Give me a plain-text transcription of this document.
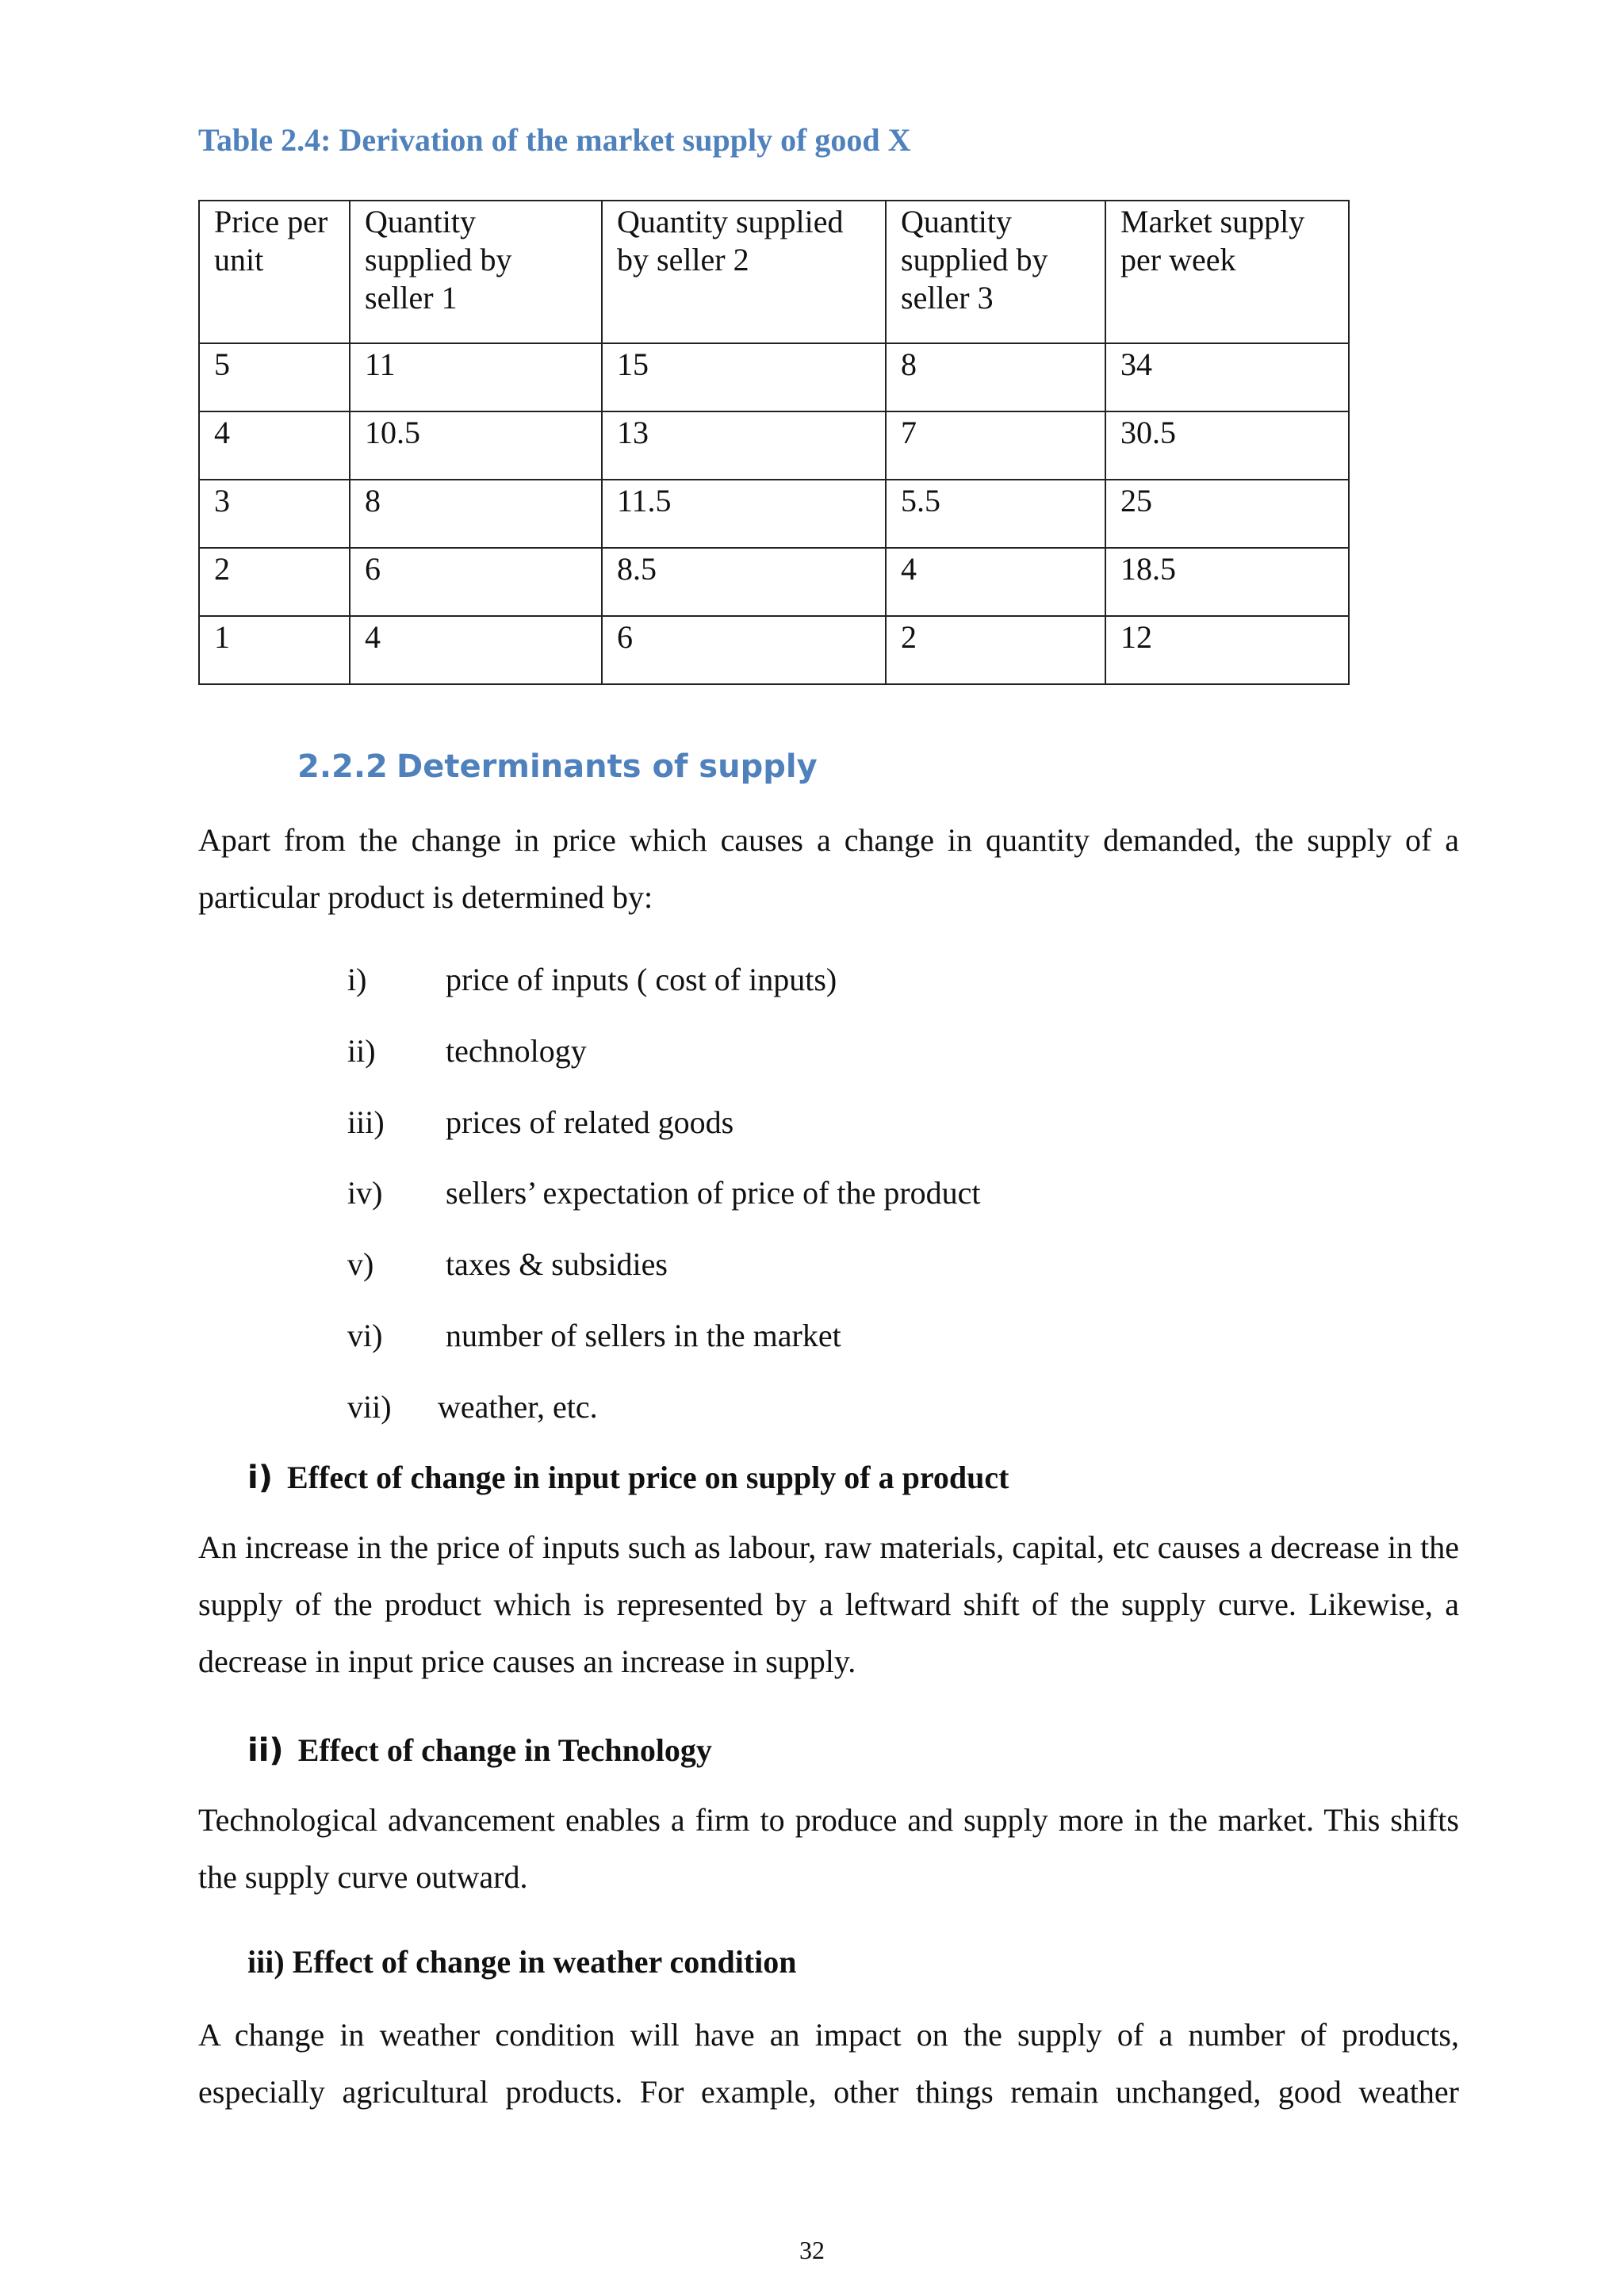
Table 2.4: Derivation of the market supply of good X
Price per unit	Quantity supplied by seller 1	Quantity supplied by seller 2	Quantity supplied by seller 3	Market supply per week
5	11	15	8	34
4	10.5	13	7	30.5
3	8	11.5	5.5	25
2	6	8.5	4	18.5
1	4	6	2	12
2.2.2 Determinants of supply

Apart from the change in price which causes a change in quantity demanded, the supply of a particular product is determined by:

i) price of inputs ( cost of inputs)
ii) technology
iii) prices of related goods
iv) sellers’ expectation of price of the product
v) taxes & subsidies
vi) number of sellers in the market
vii) weather, etc.
i) Effect of change in input price on supply of a product

An increase in the price of inputs such as labour, raw materials, capital, etc causes a decrease in the supply of the product which is represented by a leftward shift of the supply curve. Likewise, a decrease in input price causes an increase in supply.

ii) Effect of change in Technology

Technological advancement enables a firm to produce and supply more in the market. This shifts the supply curve outward.

iii) Effect of change in weather condition

A change in weather condition will have an impact on the supply of a number of products, especially agricultural products. For example, other things remain unchanged, good weather

32
